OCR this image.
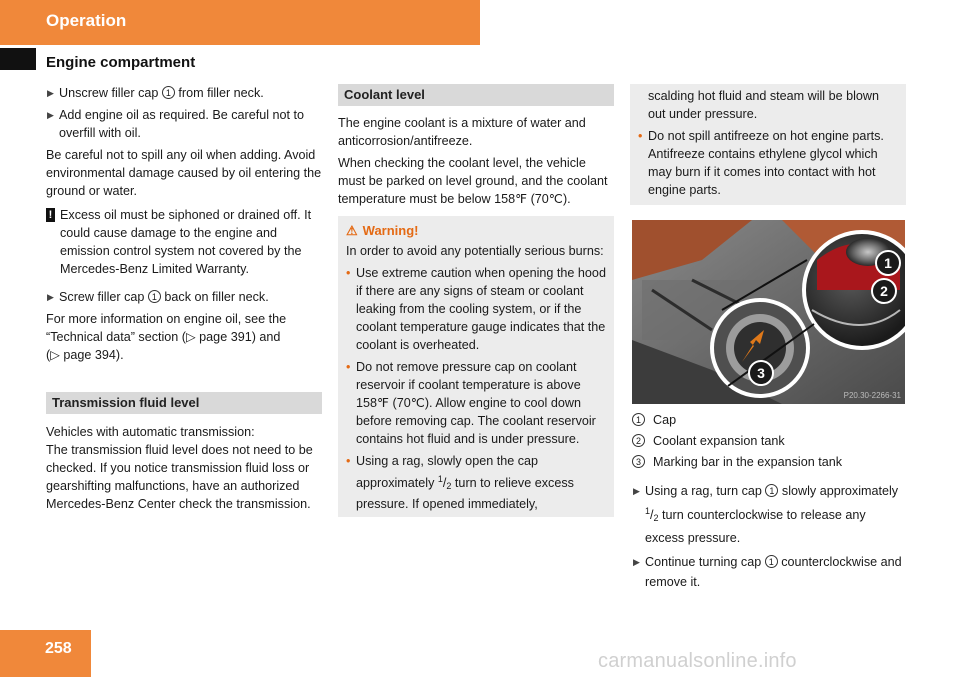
Operation
Engine compartment
▶ Unscrew filler cap 1 from filler neck.
▶ Add engine oil as required. Be careful not to overfill with oil.

Be careful not to spill any oil when adding. Avoid environmental damage caused by oil entering the ground or water.

! Excess oil must be siphoned or drained off. It could cause damage to the engine and emission control system not covered by the Mercedes-Benz Limited Warranty.
▶ Screw filler cap 1 back on filler neck.

For more information on engine oil, see the “Technical data” section (▷ page 391) and
(▷ page 394).

Transmission fluid level

Vehicles with automatic transmission:
The transmission fluid level does not need to be checked. If you notice transmission fluid loss or gearshifting malfunctions, have an authorized Mercedes-Benz Center check the transmission.

Coolant level

The engine coolant is a mixture of water and anticorrosion/antifreeze.

When checking the coolant level, the vehicle must be parked on level ground, and the coolant temperature must be below 158℉ (70℃).

⚠ Warning!

In order to avoid any potentially serious burns:

• Use extreme caution when opening the hood if there are any signs of steam or coolant leaking from the cooling system, or if the coolant temperature gauge indicates that the coolant is overheated.
• Do not remove pressure cap on coolant reservoir if coolant temperature is above 158℉ (70℃). Allow engine to cool down before removing cap. The coolant reservoir contains hot fluid and is under pressure.
• Using a rag, slowly open the cap approximately $^1/_2$ turn to relieve excess pressure. If opened immediately,

scalding hot fluid and steam will be blown out under pressure.

• Do not spill antifreeze on hot engine parts. Antifreeze contains ethylene glycol which may burn if it comes into contact with hot engine parts.
1
2
3
P20.30-2266-31
1 Cap
2 Coolant expansion tank
3 Marking bar in the expansion tank
▶ Using a rag, turn cap 1 slowly approximately $^1/_2$ turn counterclockwise to release any excess pressure.
▶ Continue turning cap 1 counterclockwise and remove it.
258
carmanualsonline.info
